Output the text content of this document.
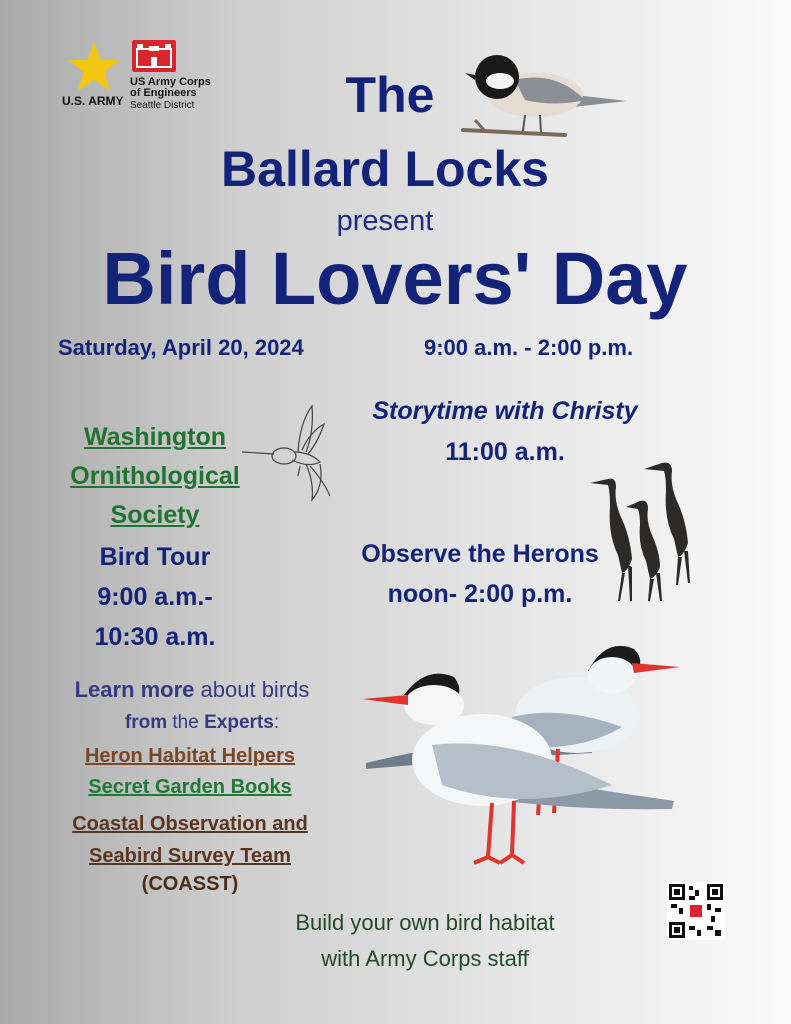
U.S. ARMY
US Army Corps
of Engineers
Seattle District	The
Ballard Locks
present
Bird Lovers' Day
Saturday, April 20, 2024	9:00 a.m. - 2:00 p.m.
Storytime with Christy
11:00 a.m.
Washington
Ornithological
Society
Bird Tour
9:00 a.m.-
10:30 a.m.
Observe the Herons
noon- 2:00 p.m.
Learn more about birds
from the Experts:
Heron Habitat Helpers
Secret Garden Books
Coastal Observation and
Seabird Survey Team
(COASST)
Build your own bird habitat
with Army Corps staff
